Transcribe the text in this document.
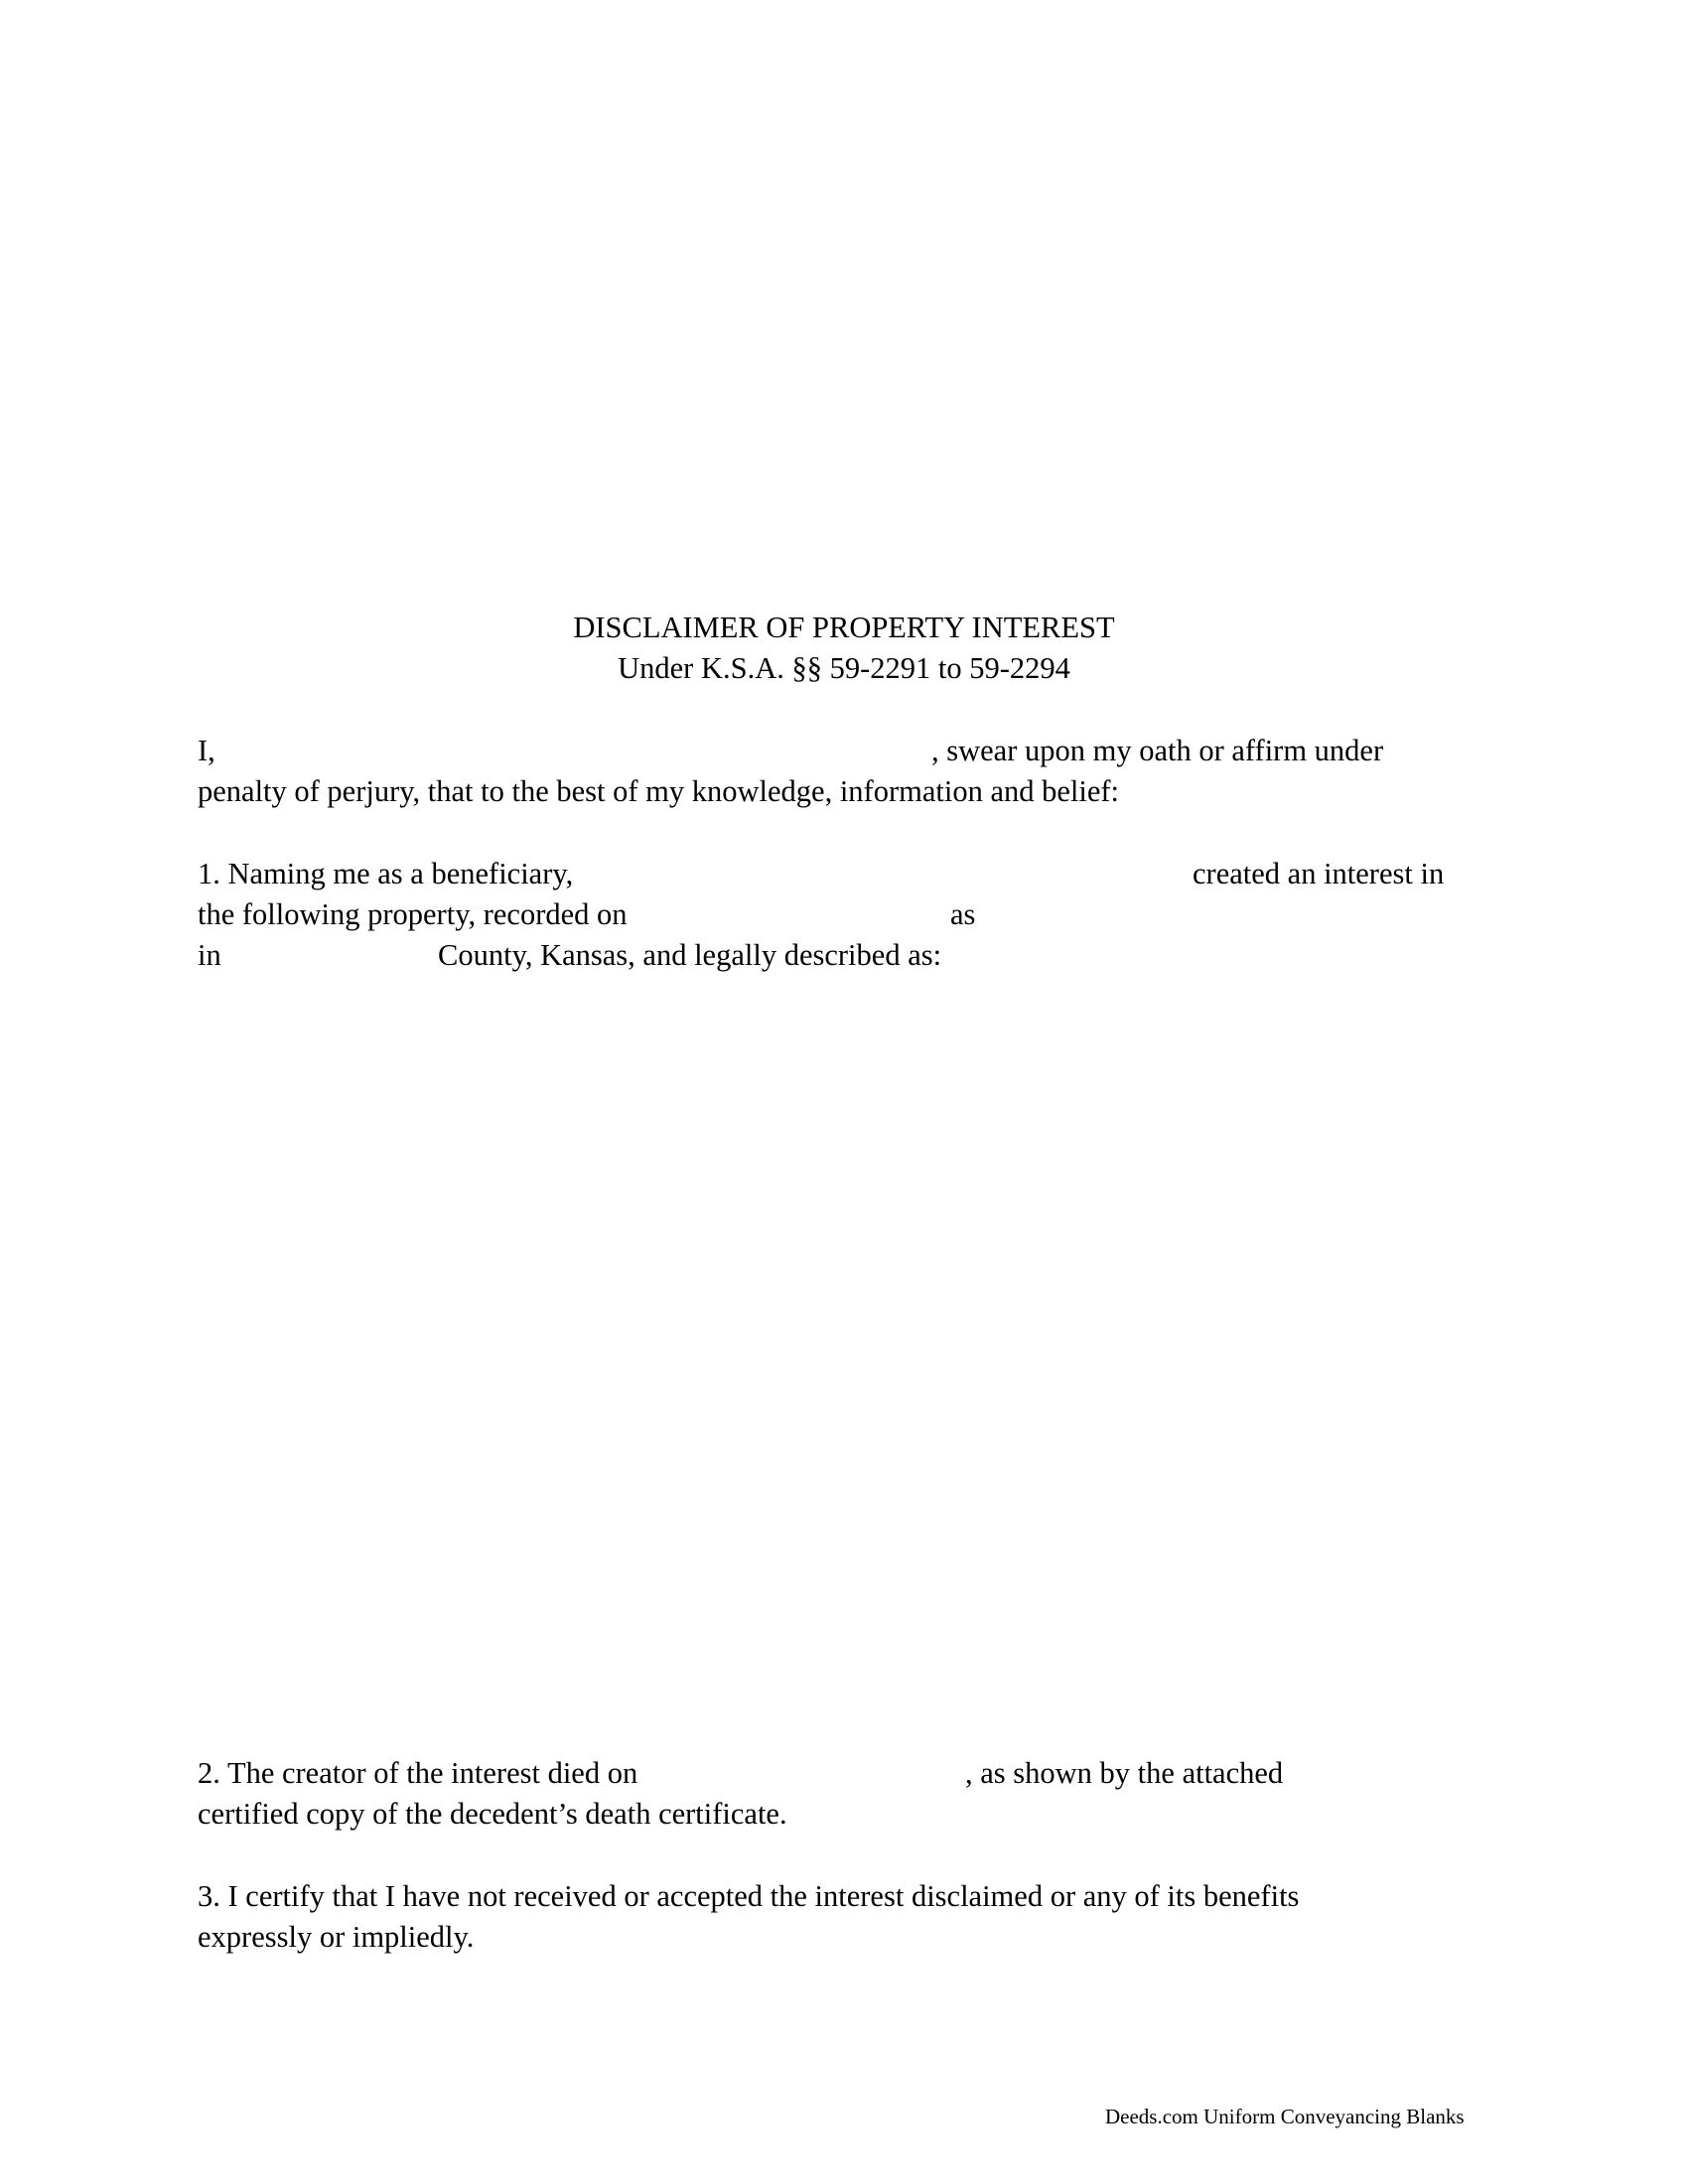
DISCLAIMER OF PROPERTY INTEREST
Under K.S.A. §§ 59-2291 to 59-2294
I,	, swear upon my oath or affirm under
penalty of perjury, that to the best of my knowledge, information and belief:
1. Naming me as a beneficiary,	created an interest in
the following property, recorded on	as
in	County, Kansas, and legally described as:
2. The creator of the interest died on	, as shown by the attached
certified copy of the decedent’s death certificate.
3. I certify that I have not received or accepted the interest disclaimed or any of its benefits
expressly or impliedly.
Deeds.com Uniform Conveyancing Blanks
